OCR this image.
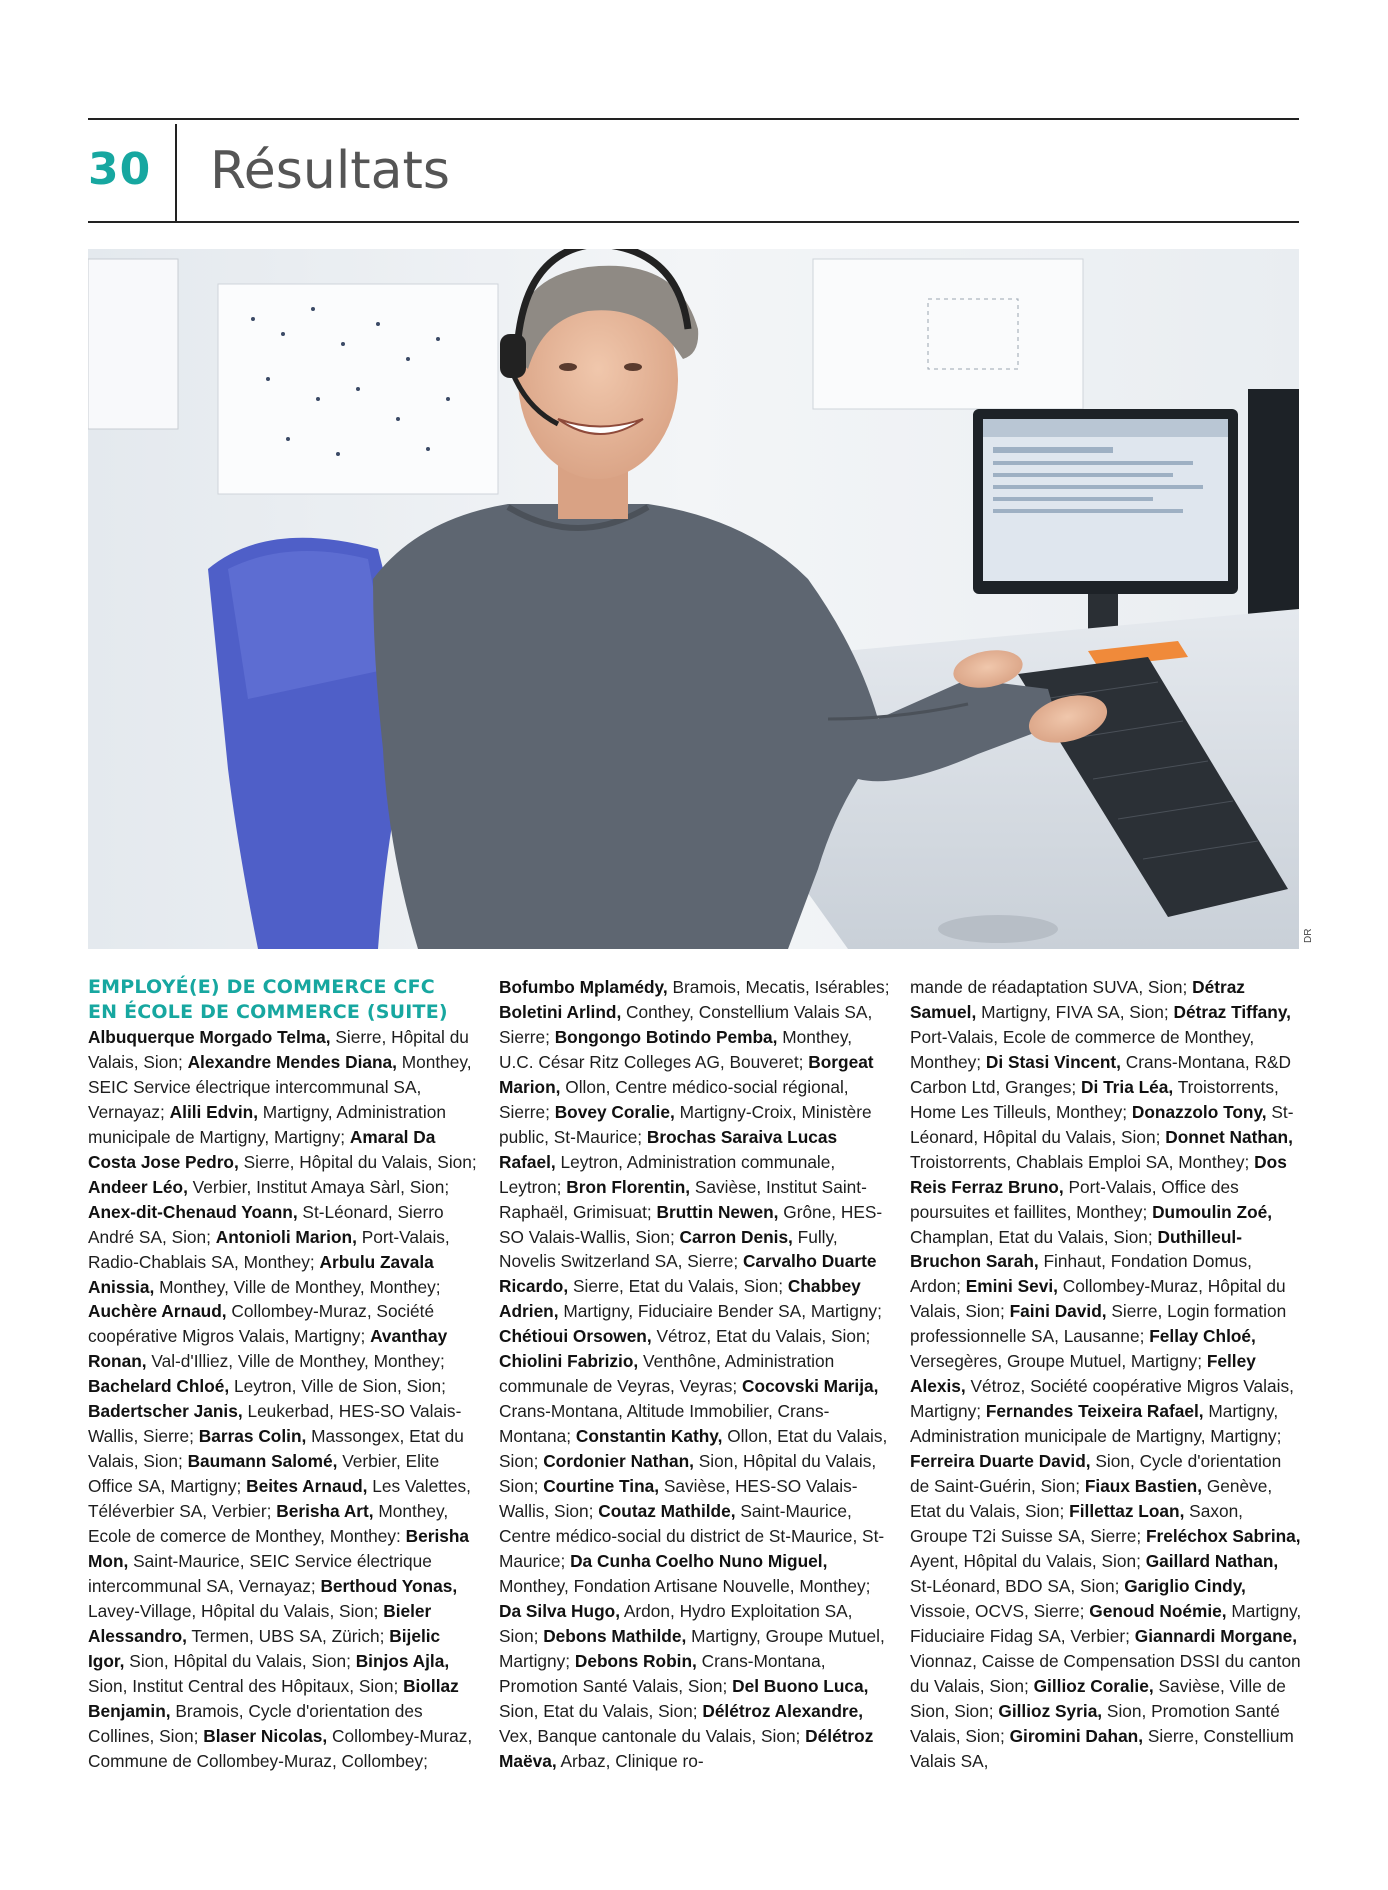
30 Résultats
DR
EMPLOYÉ(E) DE COMMERCE CFC
EN ÉCOLE DE COMMERCE (SUITE)
Albuquerque Morgado Telma, Sierre, Hôpital du Valais, Sion; Alexandre Mendes Diana, Monthey, SEIC Service électrique intercommunal SA, Vernayaz; Alili Edvin, Martigny, Administration municipale de Martigny, Martigny; Amaral Da Costa Jose Pedro, Sierre, Hôpital du Valais, Sion; Andeer Léo, Verbier, Institut Amaya Sàrl, Sion; Anex-dit-Chenaud Yoann, St-Léonard, Sierro André SA, Sion; Antonioli Marion, Port-Valais, Radio-Chablais SA, Monthey; Arbulu Zavala Anissia, Monthey, Ville de Monthey, Monthey; Auchère Arnaud, Collombey-Muraz, Société coopérative Migros Valais, Martigny; Avanthay Ronan, Val-d'Illiez, Ville de Monthey, Monthey; Bachelard Chloé, Leytron, Ville de Sion, Sion; Badertscher Janis, Leukerbad, HES-SO Valais-Wallis, Sierre; Barras Colin, Massongex, Etat du Valais, Sion; Baumann Salomé, Verbier, Elite Office SA, Martigny; Beites Arnaud, Les Valettes, Téléverbier SA, Verbier; Berisha Art, Monthey, Ecole de comerce de Monthey, Monthey: Berisha Mon, Saint-Maurice, SEIC Service électrique intercommunal SA, Vernayaz; Berthoud Yonas, Lavey-Village, Hôpital du Valais, Sion; Bieler Alessandro, Termen, UBS SA, Zürich; Bijelic Igor, Sion, Hôpital du Valais, Sion; Binjos Ajla, Sion, Institut Central des Hôpitaux, Sion; Biollaz Benjamin, Bramois, Cycle d'orientation des Collines, Sion; Blaser Nicolas, Collombey-Muraz, Commune de Collombey-Muraz, Collombey;
Bofumbo Mplamédy, Bramois, Mecatis, Isérables; Boletini Arlind, Conthey, Constellium Valais SA, Sierre; Bongongo Botindo Pemba, Monthey, U.C. César Ritz Colleges AG, Bouveret; Borgeat Marion, Ollon, Centre médico-social régional, Sierre; Bovey Coralie, Martigny-Croix, Ministère public, St-Maurice; Brochas Saraiva Lucas Rafael, Leytron, Administration communale, Leytron; Bron Florentin, Savièse, Institut Saint-Raphaël, Grimisuat; Bruttin Newen, Grône, HES-SO Valais-Wallis, Sion; Carron Denis, Fully, Novelis Switzerland SA, Sierre; Carvalho Duarte Ricardo, Sierre, Etat du Valais, Sion; Chabbey Adrien, Martigny, Fiduciaire Bender SA, Martigny; Chétioui Orsowen, Vétroz, Etat du Valais, Sion; Chiolini Fabrizio, Venthône, Administration communale de Veyras, Veyras; Cocovski Marija, Crans-Montana, Altitude Immobilier, Crans-Montana; Constantin Kathy, Ollon, Etat du Valais, Sion; Cordonier Nathan, Sion, Hôpital du Valais, Sion; Courtine Tina, Savièse, HES-SO Valais-Wallis, Sion; Coutaz Mathilde, Saint-Maurice, Centre médico-social du district de St-Maurice, St-Maurice; Da Cunha Coelho Nuno Miguel, Monthey, Fondation Artisane Nouvelle, Monthey; Da Silva Hugo, Ardon, Hydro Exploitation SA, Sion; Debons Mathilde, Martigny, Groupe Mutuel, Martigny; Debons Robin, Crans-Montana, Promotion Santé Valais, Sion; Del Buono Luca, Sion, Etat du Valais, Sion; Délétroz Alexandre, Vex, Banque cantonale du Valais, Sion; Délétroz Maëva, Arbaz, Clinique ro-
mande de réadaptation SUVA, Sion; Détraz Samuel, Martigny, FIVA SA, Sion; Détraz Tiffany, Port-Valais, Ecole de commerce de Monthey, Monthey; Di Stasi Vincent, Crans-Montana, R&D Carbon Ltd, Granges; Di Tria Léa, Troistorrents, Home Les Tilleuls, Monthey; Donazzolo Tony, St-Léonard, Hôpital du Valais, Sion; Donnet Nathan, Troistorrents, Chablais Emploi SA, Monthey; Dos Reis Ferraz Bruno, Port-Valais, Office des poursuites et faillites, Monthey; Dumoulin Zoé, Champlan, Etat du Valais, Sion; Duthilleul-Bruchon Sarah, Finhaut, Fondation Domus, Ardon; Emini Sevi, Collombey-Muraz, Hôpital du Valais, Sion; Faini David, Sierre, Login formation professionnelle SA, Lausanne; Fellay Chloé, Versegères, Groupe Mutuel, Martigny; Felley Alexis, Vétroz, Société coopérative Migros Valais, Martigny; Fernandes Teixeira Rafael, Martigny, Administration municipale de Martigny, Martigny; Ferreira Duarte David, Sion, Cycle d'orientation de Saint-Guérin, Sion; Fiaux Bastien, Genève, Etat du Valais, Sion; Fillettaz Loan, Saxon, Groupe T2i Suisse SA, Sierre; Freléchox Sabrina, Ayent, Hôpital du Valais, Sion; Gaillard Nathan, St-Léonard, BDO SA, Sion; Gariglio Cindy, Vissoie, OCVS, Sierre; Genoud Noémie, Martigny, Fiduciaire Fidag SA, Verbier; Giannardi Morgane, Vionnaz, Caisse de Compensation DSSI du canton du Valais, Sion; Gillioz Coralie, Savièse, Ville de Sion, Sion; Gillioz Syria, Sion, Promotion Santé Valais, Sion; Giromini Dahan, Sierre, Constellium Valais SA,
